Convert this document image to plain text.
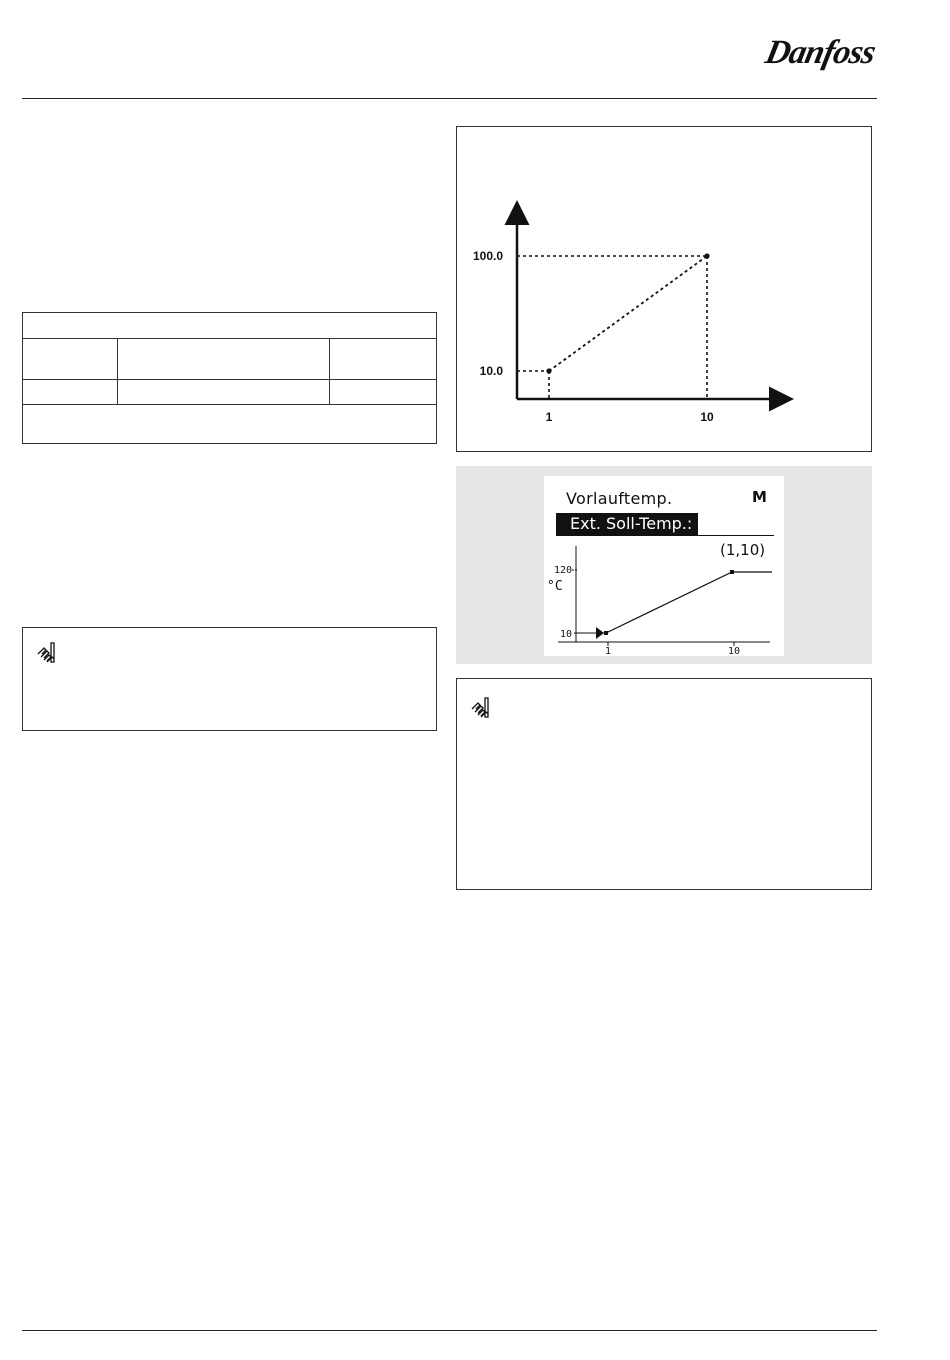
Danfoss
100.0
10.0
1	10
Vorlauftemp.	M
Ext. Soll-Temp.:
(1,10)
120
°C
10
1	10
